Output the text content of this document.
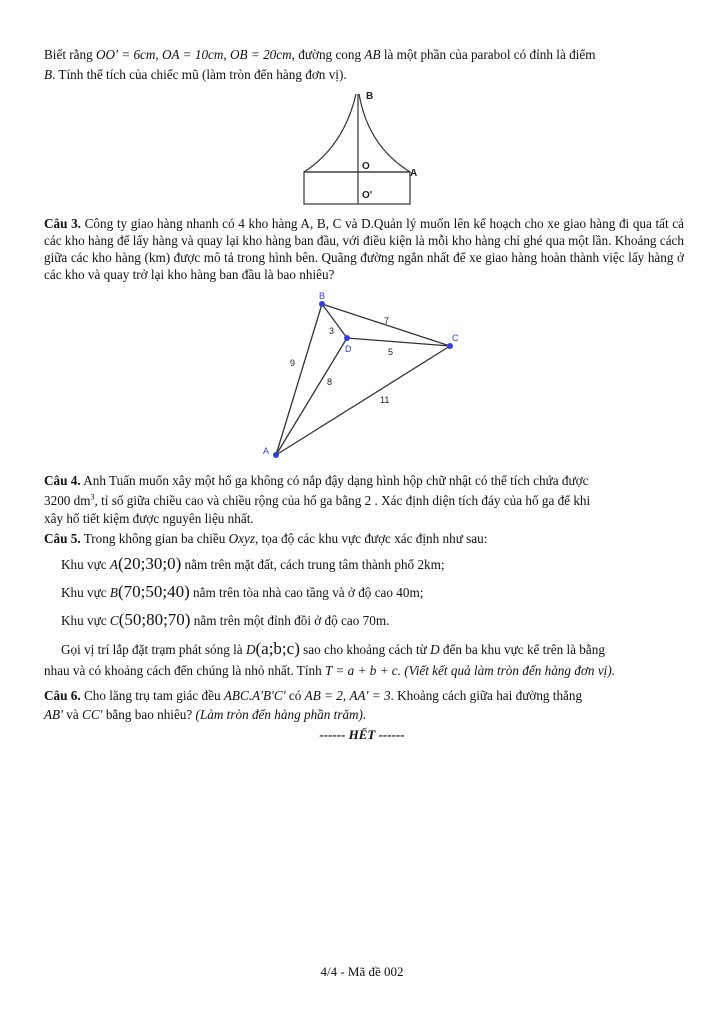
Biết rằng OO′ = 6cm, OA = 10cm, OB = 20cm, đường cong AB là một phần của parabol có đỉnh là điểm
B. Tính thể tích của chiếc mũ (làm tròn đến hàng đơn vị).
B
O
A
O'
Câu 3. Công ty giao hàng nhanh có 4 kho hàng A, B, C và D.Quản lý muốn lên kế hoạch cho xe giao hàng đi qua tất cả các kho hàng để lấy hàng và quay lại kho hàng ban đầu, với điều kiện là mỗi kho hàng chỉ ghé qua một lần. Khoảng cách giữa các kho hàng (km) được mô tả trong hình bên. Quãng đường ngắn nhất để xe giao hàng hoàn thành việc lấy hàng ở các kho và quay trở lại kho hàng ban đầu là bao nhiêu?
A
B
C
D
9
3
7
5
8
11
Câu 4. Anh Tuấn muốn xây một hố ga không có nắp đậy dạng hình hộp chữ nhật có thể tích chứa được
3200 $dm^3$, tỉ số giữa chiều cao và chiều rộng của hố ga bằng 2 . Xác định diện tích đáy của hố ga để khi
xây hố tiết kiệm được nguyên liệu nhất.
Câu 5. Trong không gian ba chiều Oxyz, tọa độ các khu vực được xác định như sau:
Khu vực A(20;30;0) nằm trên mặt đất, cách trung tâm thành phố 2km;
Khu vực B(70;50;40) nằm trên tòa nhà cao tầng và ở độ cao 40m;
Khu vực C(50;80;70) nằm trên một đỉnh đồi ở độ cao 70m.
Gọi vị trí lắp đặt trạm phát sóng là D(a;b;c) sao cho khoảng cách từ D đến ba khu vực kể trên là bằng
nhau và có khoảng cách đến chúng là nhỏ nhất. Tính T = a + b + c. (Viết kết quả làm tròn đến hàng đơn vị).
Câu 6. Cho lăng trụ tam giác đều ABC.A′B′C′ có AB = 2, AA′ = 3. Khoảng cách giữa hai đường thẳng
AB′ và CC′ bằng bao nhiêu? (Làm tròn đến hàng phần trăm).
------ HẾT ------
4/4 - Mã đề 002
